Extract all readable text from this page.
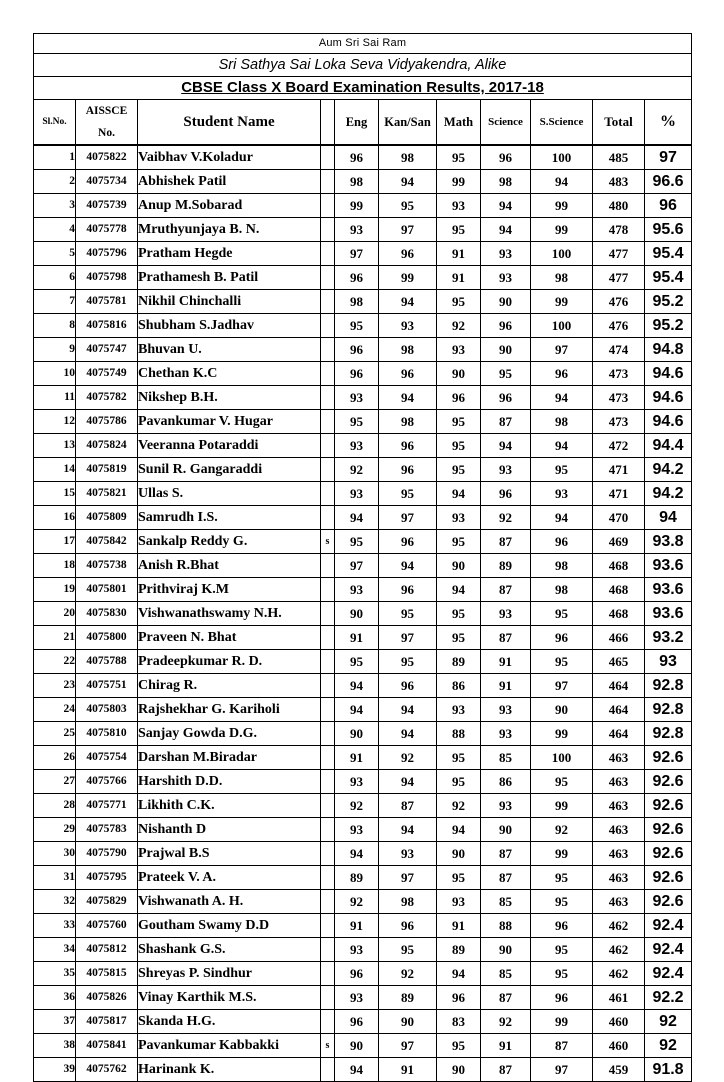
Aum Sri Sai Ram										
Sri Sathya Sai Loka Seva Vidyakendra, Alike										
CBSE Class X Board Examination Results, 2017-18										
Sl.No.	AISSCE No.	Student Name		Eng	Kan/San	Math	Science	S.Science	Total	%
1	4075822	Vaibhav V.Koladur		96	98	95	96	100	485	97
2	4075734	Abhishek Patil		98	94	99	98	94	483	96.6
3	4075739	Anup M.Sobarad		99	95	93	94	99	480	96
4	4075778	Mruthyunjaya B. N.		93	97	95	94	99	478	95.6
5	4075796	Pratham Hegde		97	96	91	93	100	477	95.4
6	4075798	Prathamesh B. Patil		96	99	91	93	98	477	95.4
7	4075781	Nikhil Chinchalli		98	94	95	90	99	476	95.2
8	4075816	Shubham S.Jadhav		95	93	92	96	100	476	95.2
9	4075747	Bhuvan U.		96	98	93	90	97	474	94.8
10	4075749	Chethan K.C		96	96	90	95	96	473	94.6
11	4075782	Nikshep B.H.		93	94	96	96	94	473	94.6
12	4075786	Pavankumar V. Hugar		95	98	95	87	98	473	94.6
13	4075824	Veeranna Potaraddi		93	96	95	94	94	472	94.4
14	4075819	Sunil R. Gangaraddi		92	96	95	93	95	471	94.2
15	4075821	Ullas S.		93	95	94	96	93	471	94.2
16	4075809	Samrudh I.S.		94	97	93	92	94	470	94
17	4075842	Sankalp Reddy G.	s	95	96	95	87	96	469	93.8
18	4075738	Anish R.Bhat		97	94	90	89	98	468	93.6
19	4075801	Prithviraj K.M		93	96	94	87	98	468	93.6
20	4075830	Vishwanathswamy N.H.		90	95	95	93	95	468	93.6
21	4075800	Praveen N. Bhat		91	97	95	87	96	466	93.2
22	4075788	Pradeepkumar R. D.		95	95	89	91	95	465	93
23	4075751	Chirag R.		94	96	86	91	97	464	92.8
24	4075803	Rajshekhar G. Kariholi		94	94	93	93	90	464	92.8
25	4075810	Sanjay Gowda D.G.		90	94	88	93	99	464	92.8
26	4075754	Darshan M.Biradar		91	92	95	85	100	463	92.6
27	4075766	Harshith D.D.		93	94	95	86	95	463	92.6
28	4075771	Likhith C.K.		92	87	92	93	99	463	92.6
29	4075783	Nishanth D		93	94	94	90	92	463	92.6
30	4075790	Prajwal B.S		94	93	90	87	99	463	92.6
31	4075795	Prateek V. A.		89	97	95	87	95	463	92.6
32	4075829	Vishwanath A. H.		92	98	93	85	95	463	92.6
33	4075760	Goutham Swamy D.D		91	96	91	88	96	462	92.4
34	4075812	Shashank G.S.		93	95	89	90	95	462	92.4
35	4075815	Shreyas P. Sindhur		96	92	94	85	95	462	92.4
36	4075826	Vinay Karthik M.S.		93	89	96	87	96	461	92.2
37	4075817	Skanda H.G.		96	90	83	92	99	460	92
38	4075841	Pavankumar Kabbakki	s	90	97	95	91	87	460	92
39	4075762	Harinank K.		94	91	90	87	97	459	91.8
